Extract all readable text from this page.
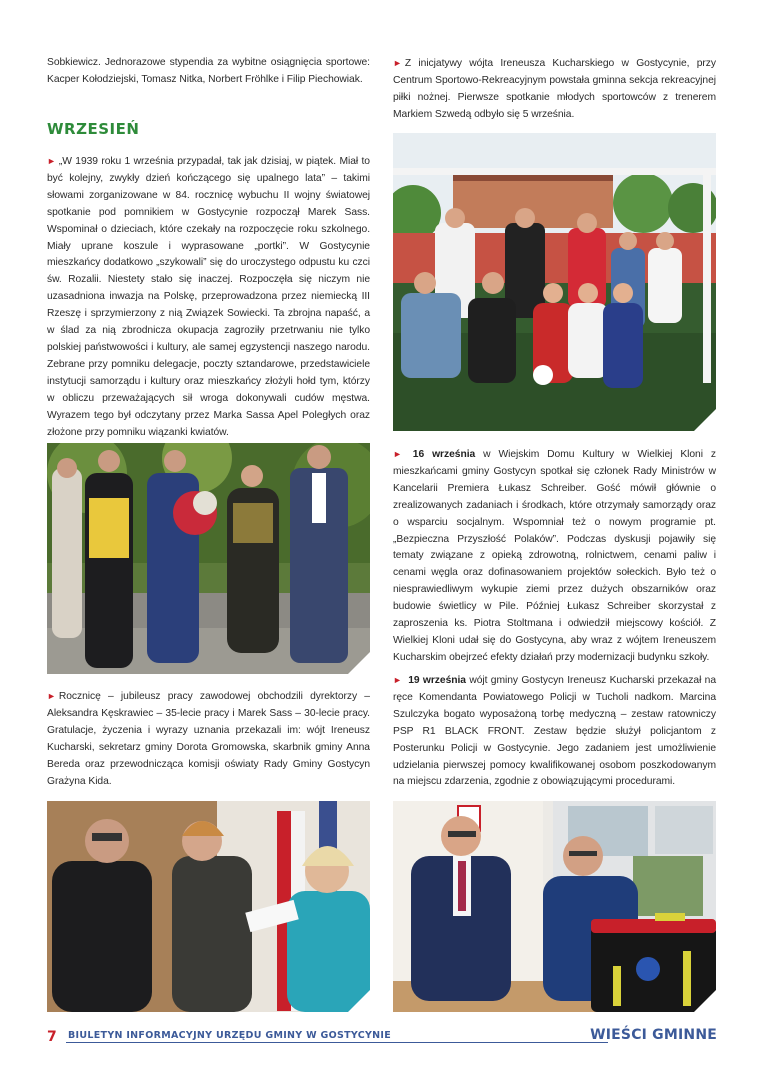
Sobkiewicz. Jednorazowe stypendia za wybitne osiągnięcia sportowe: Kacper Kołodziejski, Tomasz Nitka, Norbert Fröhlke i Filip Piechowiak.

WRZESIEŃ

► „W 1939 roku 1 września przypadał, tak jak dzisiaj, w piątek. Miał to być kolejny, zwykły dzień kończącego się upalnego lata” – takimi słowami zorganizowane w 84. rocznicę wybuchu II wojny światowej spotkanie pod pomnikiem w Gostycynie rozpoczął Marek Sass. Wspominał o dzieciach, które czekały na rozpoczęcie roku szkolnego. Miały uprane koszule i wyprasowane „portki”. W Gostycynie mieszkańcy dodatkowo „szykowali” się do uroczystego odpustu ku czci św. Rozalii. Niestety stało się inaczej. Rozpoczęła się niczym nie uzasadniona inwazja na Polskę, przeprowadzona przez niemiecką III Rzeszę i sprzymierzony z nią Związek Sowiecki. Ta zbrojna napaść, a w ślad za nią zbrodnicza okupacja zagroziły przetrwaniu nie tylko polskiej państwowości i kultury, ale samej egzystencji naszego narodu. Zebrane przy pomniku delegacje, poczty sztandarowe, przedstawiciele instytucji samorządu i kultury oraz mieszkańcy złożyli hołd tym, którzy w obliczu przeważających sił wroga dokonywali cudów męstwa. Wyrazem tego był odczytany przez Marka Sassa Apel Poległych oraz złożone przy pomniku wiązanki kwiatów.

► Rocznicę – jubileusz pracy zawodowej obchodzili dyrektorzy – Aleksandra Kęskrawiec – 35-lecie pracy i Marek Sass – 30-lecie pracy. Gratulacje, życzenia i wyrazy uznania przekazali im: wójt Ireneusz Kucharski, sekretarz gminy Dorota Gromowska, skarbnik gminy Anna Bereda oraz przewodnicząca komisji oświaty Rady Gminy Gostycyn Grażyna Kida.

► Z inicjatywy wójta Ireneusza Kucharskiego w Gostycynie, przy Centrum Sportowo-Rekreacyjnym powstała gminna sekcja rekreacyjnej piłki nożnej. Pierwsze spotkanie młodych sportowców z trenerem Markiem Szwedą odbyło się 5 września.

► 16 września w Wiejskim Domu Kultury w Wielkiej Kloni z mieszkańcami gminy Gostycyn spotkał się członek Rady Ministrów w Kancelarii Premiera Łukasz Schreiber. Gość mówił głównie o zrealizowanych zadaniach i środkach, które otrzymały samorządy oraz o wsparciu socjalnym. Wspomniał też o nowym programie pt. „Bezpieczna Przyszłość Polaków”. Podczas dyskusji pojawiły się tematy związane z opieką zdrowotną, rolnictwem, cenami paliw i cenami węgla oraz dofinasowaniem projektów sołeckich. Było też o niesprawiedliwym wykupie ziemi przez dużych obszarników oraz budowie świetlicy w Pile. Później Łukasz Schreiber skorzystał z zaproszenia ks. Piotra Stoltmana i odwiedził miejscowy kościół. Z Wielkiej Kloni udał się do Gostycyna, aby wraz z wójtem Ireneuszem Kucharskim obejrzeć efekty działań przy modernizacji budynku szkoły.

► 19 września wójt gminy Gostycyn Ireneusz Kucharski przekazał na ręce Komendanta Powiatowego Policji w Tucholi nadkom. Marcina Szulczyka bogato wyposażoną torbę medyczną – zestaw ratowniczy PSP R1 BLACK FRONT. Zestaw będzie służył policjantom z Posterunku Policji w Gostycynie. Jego zadaniem jest umożliwienie udzielania pierwszej pomocy kwalifikowanej osobom poszkodowanym na miejscu zdarzenia, zgodnie z obowiązującymi procedurami.

7 BIULETYN INFORMACYJNY URZĘDU GMINY W GOSTYCYNIE	WIEŚCI GMINNE
